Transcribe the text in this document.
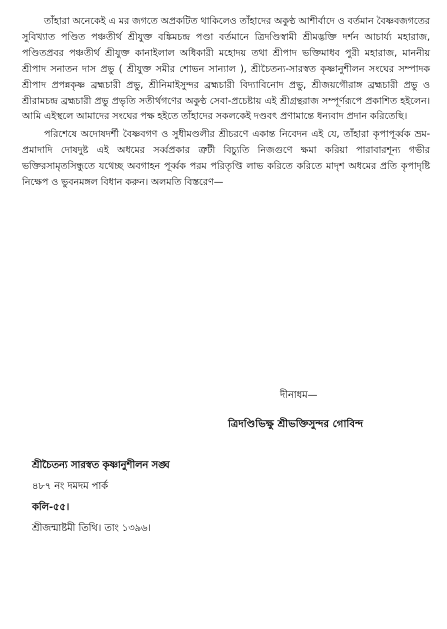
তাঁহারা অনেকেই এ মর জগতে অপ্রকটিত থাকিলেও তাঁহাদের অকুণ্ঠ আশীর্বাদে ও বর্তমান বৈষ্ণবজগতের সুবিখ্যাত পণ্ডিত পঞ্চতীর্থ শ্রীযুক্ত বঙ্কিমচন্দ্র পণ্ডা বর্তমানে ত্রিদণ্ডিস্বামী শ্রীমদ্ভক্তি দর্শন আচার্য্য মহারাজ, পণ্ডিতপ্রবর পঞ্চতীর্থ শ্রীযুক্ত কানাইলাল অধিকারী মহোদয় তথা শ্রীপাদ ভক্তিমাধব পুরী মহারাজ, মাননীয় শ্রীপাদ সনাতন দাস প্রভু ( শ্রীযুক্ত সমীর শোভন সান্যাল ), শ্রীচৈতন্য-সারস্বত কৃষ্ণানুশীলন সংঘের সম্পাদক শ্রীপাদ প্রপন্নকৃষ্ণ ব্রহ্মচারী প্রভু, শ্রীনিমাইসুন্দর ব্রহ্মচারী বিদ্যাবিনোদ প্রভু, শ্রীজয়গৌরাঙ্গ ব্রহ্মচারী প্রভু ও শ্রীরামচন্দ্র ব্রহ্মচারী প্রভু প্রভৃতি সতীর্থগণের অকুণ্ঠ সেবা-প্রচেষ্টায় এই শ্রীগ্রন্থরাজ সম্পূর্ণরূপে প্রকাশিত হইলেন। আমি এইস্থলে আমাদের সংঘের পক্ষ হইতে তাঁহাদের সকলকেই দণ্ডবৎ প্রণামান্তে ধন্যবাদ প্রদান করিতেছি।

পরিশেষে অদোষদর্শী বৈষ্ণবগণ ও সুধীমণ্ডলীর শ্রীচরণে একান্ত নিবেদন এই যে, তাঁহারা কৃপাপূর্ব্বক ভ্রম-প্রমাদাদি দোষদুষ্ট এই অধমের সর্ব্বপ্রকার ত্রুটী বিচ্যুতি নিজগুণে ক্ষমা করিয়া পারাবারশূন্য গভীর ভক্তিরসামৃতসিন্ধুতে যথেচ্ছ অবগাহন পূর্ব্বক পরম পরিতৃপ্তি লাভ করিতে করিতে মাদৃশ অধমের প্রতি কৃপাদৃষ্টি নিক্ষেপ ও ভুবনমঙ্গল বিধান করুন। অলমতি বিস্তরেণ—

দীনাধম—
ত্রিদণ্ডিভিক্ষু শ্রীভক্তিসুন্দর গোবিন্দ
শ্রীচৈতন্য সারস্বত কৃষ্ণানুশীলন সঙ্ঘ
৪৮৭ নং দমদম পার্ক
কলি-৫৫।
শ্রীজন্মাষ্টমী তিথি। তাং ১৩৯৬।
